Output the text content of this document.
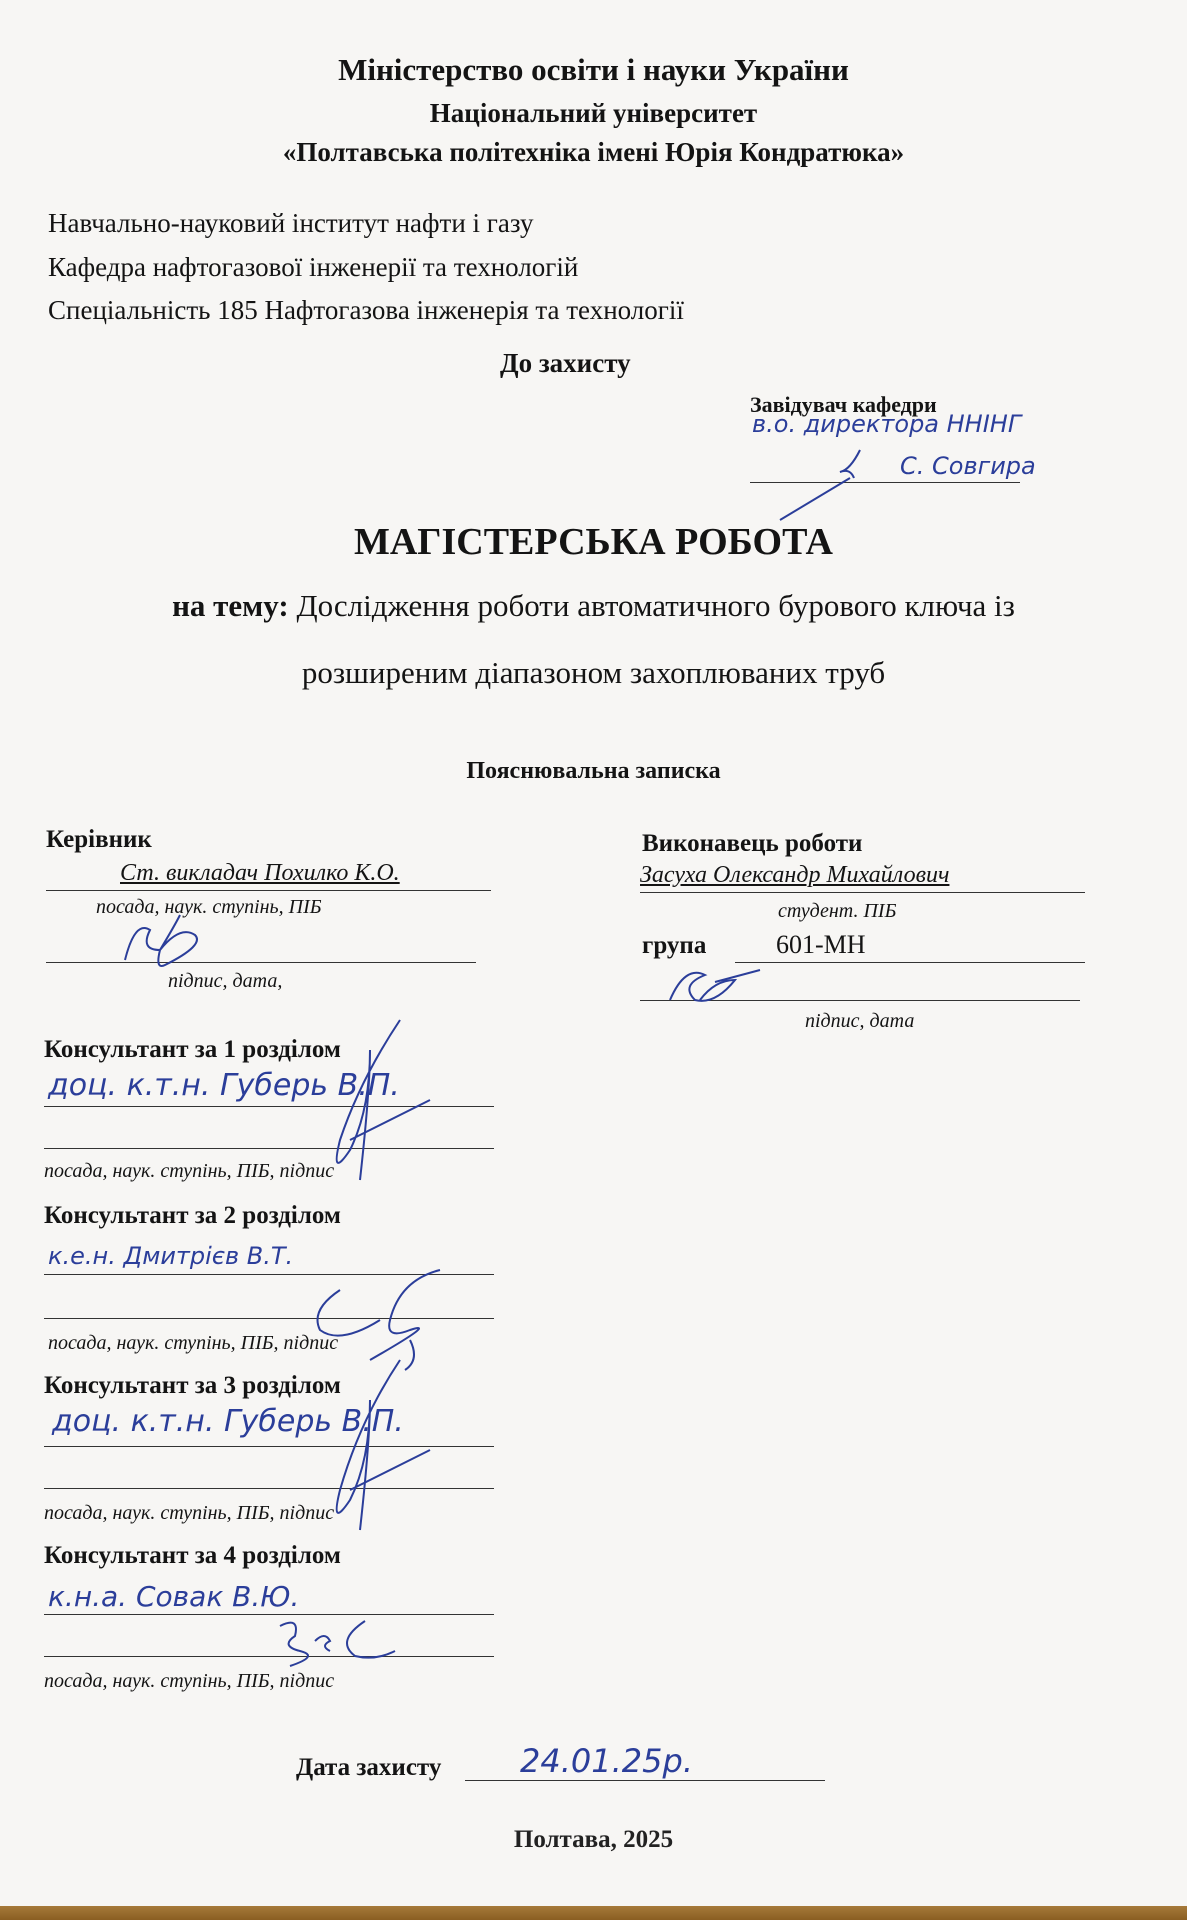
Міністерство освіти і науки України
Національний університет
«Полтавська політехніка імені Юрія Кондратюка»
Навчально-науковий інститут нафти і газу
Кафедра нафтогазової інженерії та технологій
Спеціальність 185 Нафтогазова інженерія та технології
До захисту
Завідувач кафедри
в.о. директора ННІНГ
С. Совгира
МАГІСТЕРСЬКА РОБОТА
на тему: Дослідження роботи автоматичного бурового ключа із
розширеним діапазоном захоплюваних труб
Пояснювальна записка
Керівник
Ст. викладач Похилко К.О.
посада, наук. ступінь, ПІБ
підпис, дата,
Виконавець роботи
Засуха Олександр Михайлович
студент. ПІБ
група	601-МН
підпис, дата
Консультант за 1 розділом
доц. к.т.н. Губерь В.П.
посада, наук. ступінь, ПІБ, підпис
Консультант за 2 розділом
к.е.н. Дмитрієв В.Т.
посада, наук. ступінь, ПІБ, підпис
Консультант за 3 розділом
доц. к.т.н. Губерь В.П.
посада, наук. ступінь, ПІБ, підпис
Консультант за 4 розділом
к.н.а. Совак В.Ю.
посада, наук. ступінь, ПІБ, підпис
Дата захисту 24.01.25р.
Полтава, 2025
